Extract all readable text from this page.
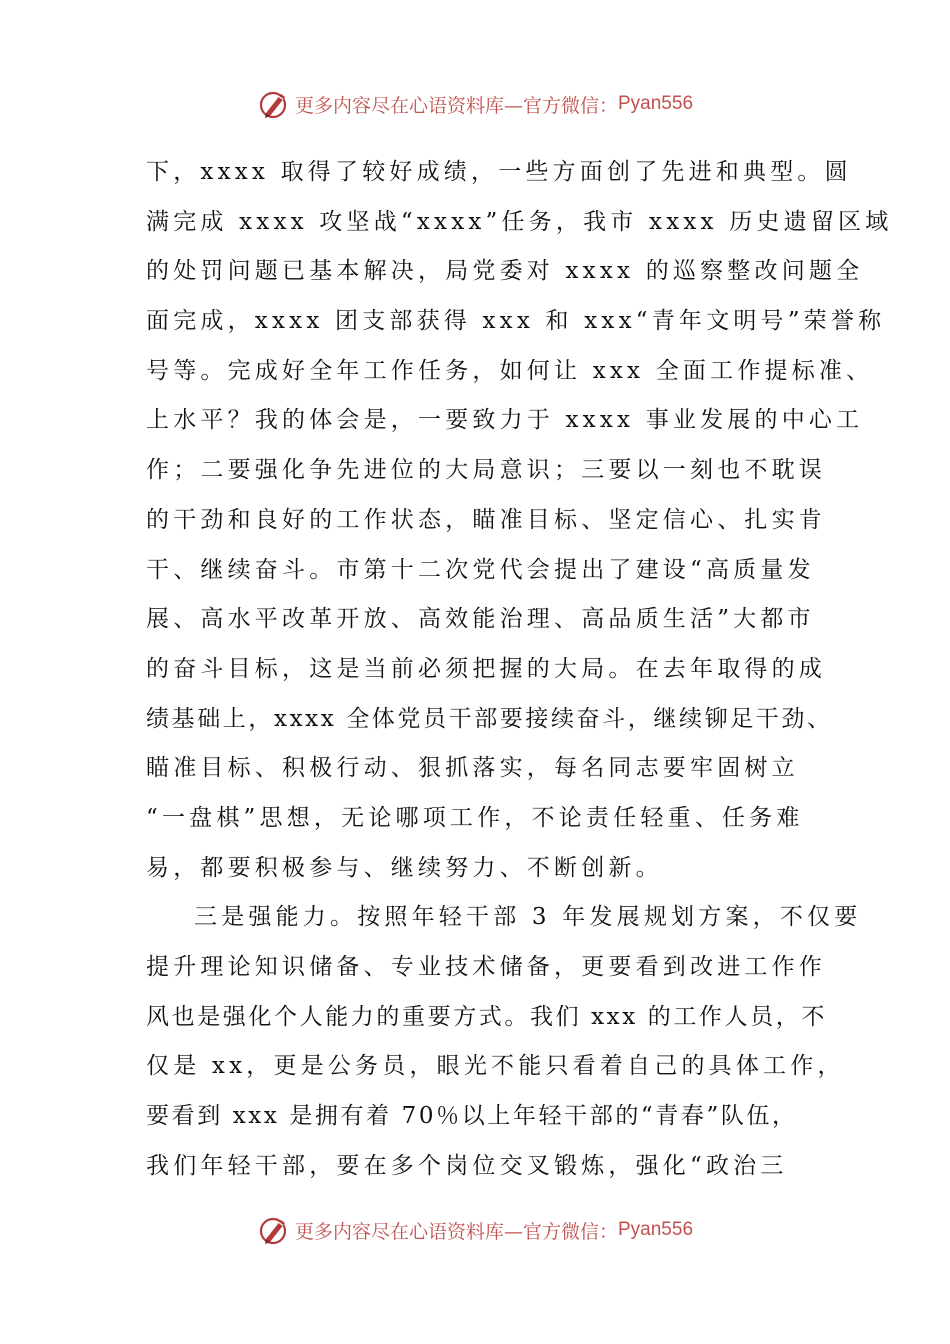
更多内容尽在心语资料库—官方微信： Pyan556
下，xxxx 取得了较好成绩，一些方面创了先进和典型。圆
满完成 xxxx 攻坚战“xxxx”任务，我市 xxxx 历史遗留区域
的处罚问题已基本解决，局党委对 xxxx 的巡察整改问题全
面完成，xxxx 团支部获得 xxx 和 xxx“青年文明号”荣誉称
号等。完成好全年工作任务，如何让 xxx 全面工作提标准、
上水平？我的体会是，一要致力于 xxxx 事业发展的中心工
作；二要强化争先进位的大局意识；三要以一刻也不耽误
的干劲和良好的工作状态，瞄准目标、坚定信心、扎实肯
干、继续奋斗。市第十二次党代会提出了建设“高质量发
展、高水平改革开放、高效能治理、高品质生活”大都市
的奋斗目标，这是当前必须把握的大局。在去年取得的成
绩基础上，xxxx 全体党员干部要接续奋斗，继续铆足干劲、
瞄准目标、积极行动、狠抓落实，每名同志要牢固树立
“一盘棋”思想，无论哪项工作，不论责任轻重、任务难
易，都要积极参与、继续努力、不断创新。
三是强能力。按照年轻干部 3 年发展规划方案，不仅要
提升理论知识储备、专业技术储备，更要看到改进工作作
风也是强化个人能力的重要方式。我们 xxx 的工作人员，不
仅是 xx，更是公务员，眼光不能只看着自己的具体工作，
要看到 xxx 是拥有着 70％以上年轻干部的“青春”队伍，
我们年轻干部，要在多个岗位交叉锻炼，强化“政治三
更多内容尽在心语资料库—官方微信： Pyan556
